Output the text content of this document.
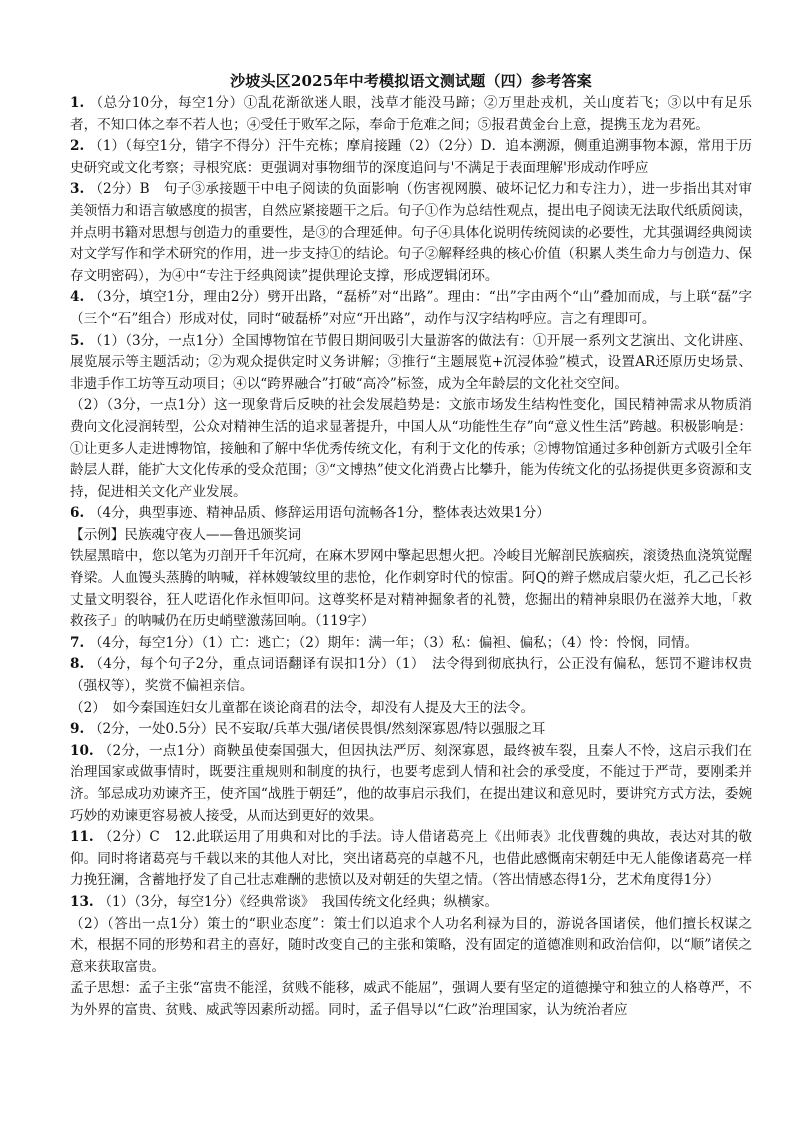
沙坡头区2025年中考模拟语文测试题（四）参考答案
1. （总分10分，每空1分）①乱花渐欲迷人眼，浅草才能没马蹄；②万里赴戎机，关山度若飞；③以中有足乐者，不知口体之奉不若人也；④受任于败军之际，奉命于危难之间；⑤报君黄金台上意，提携玉龙为君死。
2. （1）（每空1分，错字不得分）汗牛充栋；摩肩接踵（2）（2分）D．追本溯源，侧重追溯事物本源，常用于历史研究或文化考察；寻根究底：更强调对事物细节的深度追问与'不满足于表面理解'形成动作呼应
3. （2分）B　句子③承接题干中电子阅读的负面影响（伤害视网膜、破坏记忆力和专注力），进一步指出其对审美领悟力和语言敏感度的损害，自然应紧接题干之后。句子①作为总结性观点，提出电子阅读无法取代纸质阅读，并点明书籍对思想与创造力的重要性，是③的合理延伸。句子④具体化说明传统阅读的必要性，尤其强调经典阅读对文学写作和学术研究的作用，进一步支持①的结论。句子②解释经典的核心价值（积累人类生命力与创造力、保存文明密码），为④中“专注于经典阅读”提供理论支撑，形成逻辑闭环。
4. （3分，填空1分，理由2分）劈开出路，“磊桥”对“出路”。理由：“出”字由两个“山”叠加而成，与上联“磊”字（三个“石”组合）形成对仗，同时“破磊桥”对应“开出路”，动作与汉字结构呼应。言之有理即可。
5. （1）（3分，一点1分）全国博物馆在节假日期间吸引大量游客的做法有：①开展一系列文艺演出、文化讲座、展览展示等主题活动；②为观众提供定时义务讲解；③推行“主题展览+沉浸体验”模式，设置AR还原历史场景、非遗手作工坊等互动项目；④以“跨界融合”打破“高冷”标签，成为全年龄层的文化社交空间。
（2）（3分，一点1分）这一现象背后反映的社会发展趋势是：文旅市场发生结构性变化，国民精神需求从物质消费向文化浸润转型，公众对精神生活的追求显著提升，中国人从“功能性生存”向“意义性生活”跨越。积极影响是：①让更多人走进博物馆，接触和了解中华优秀传统文化，有利于文化的传承；②博物馆通过多种创新方式吸引全年龄层人群，能扩大文化传承的受众范围；③“文博热”使文化消费占比攀升，能为传统文化的弘扬提供更多资源和支持，促进相关文化产业发展。
6. （4分，典型事迹、精神品质、修辞运用语句流畅各1分，整体表达效果1分）
【示例】民族魂守夜人——鲁迅颁奖词
铁屋黑暗中，您以笔为刃剖开千年沉疴，在麻木罗网中擎起思想火把。冷峻目光解剖民族痼疾，滚烫热血浇筑觉醒脊梁。人血馒头蒸腾的呐喊，祥林嫂皱纹里的悲怆，化作刺穿时代的惊雷。阿Q的辫子燃成启蒙火炬，孔乙己长衫丈量文明裂谷，狂人呓语化作永恒叩问。这尊奖杯是对精神掘象者的礼赞，您掘出的精神泉眼仍在滋养大地，「救救孩子」的呐喊仍在历史峭壁激荡回响。（119字）
7. （4分，每空1分）（1）亡：逃亡；（2）期年：满一年；（3）私：偏袒、偏私；（4）怜：怜悯，同情。
8. （4分，每个句子2分，重点词语翻译有误扣1分）（1）　法令得到彻底执行，公正没有偏私，惩罚不避讳权贵（强权等），奖赏不偏袒亲信。
（2）　如今秦国连妇女儿童都在谈论商君的法令，却没有人提及大王的法令。
9. （2分，一处0.5分）民不妄取/兵革大强/诸侯畏惧/然刻深寡恩/特以强服之耳
10. （2分，一点1分）商鞅虽使秦国强大，但因执法严厉、刻深寡恩，最终被车裂，且秦人不怜，这启示我们在治理国家或做事情时，既要注重规则和制度的执行，也要考虑到人情和社会的承受度，不能过于严苛，要刚柔并济。邹忌成功劝谏齐王，使齐国“战胜于朝廷”，他的故事启示我们，在提出建议和意见时，要讲究方式方法，委婉巧妙的劝谏更容易被人接受，从而达到更好的效果。
11. （2分）C　12.此联运用了用典和对比的手法。诗人借诸葛亮上《出师表》北伐曹魏的典故，表达对其的敬仰。同时将诸葛亮与千载以来的其他人对比，突出诸葛亮的卓越不凡，也借此感慨南宋朝廷中无人能像诸葛亮一样力挽狂澜，含蓄地抒发了自己壮志难酬的悲愤以及对朝廷的失望之情。（答出情感态得1分，艺术角度得1分）
13. （1）（3分，每空1分）《经典常谈》　我国传统文化经典；纵横家。
（2）（答出一点1分）策士的“职业态度”：策士们以追求个人功名利禄为目的，游说各国诸侯，他们擅长权谋之术，根据不同的形势和君主的喜好，随时改变自己的主张和策略，没有固定的道德准则和政治信仰，以“顺”诸侯之意来获取富贵。
孟子思想：孟子主张“富贵不能淫，贫贱不能移，威武不能屈”，强调人要有坚定的道德操守和独立的人格尊严，不为外界的富贵、贫贱、威武等因素所动摇。同时，孟子倡导以“仁政”治理国家，认为统治者应
